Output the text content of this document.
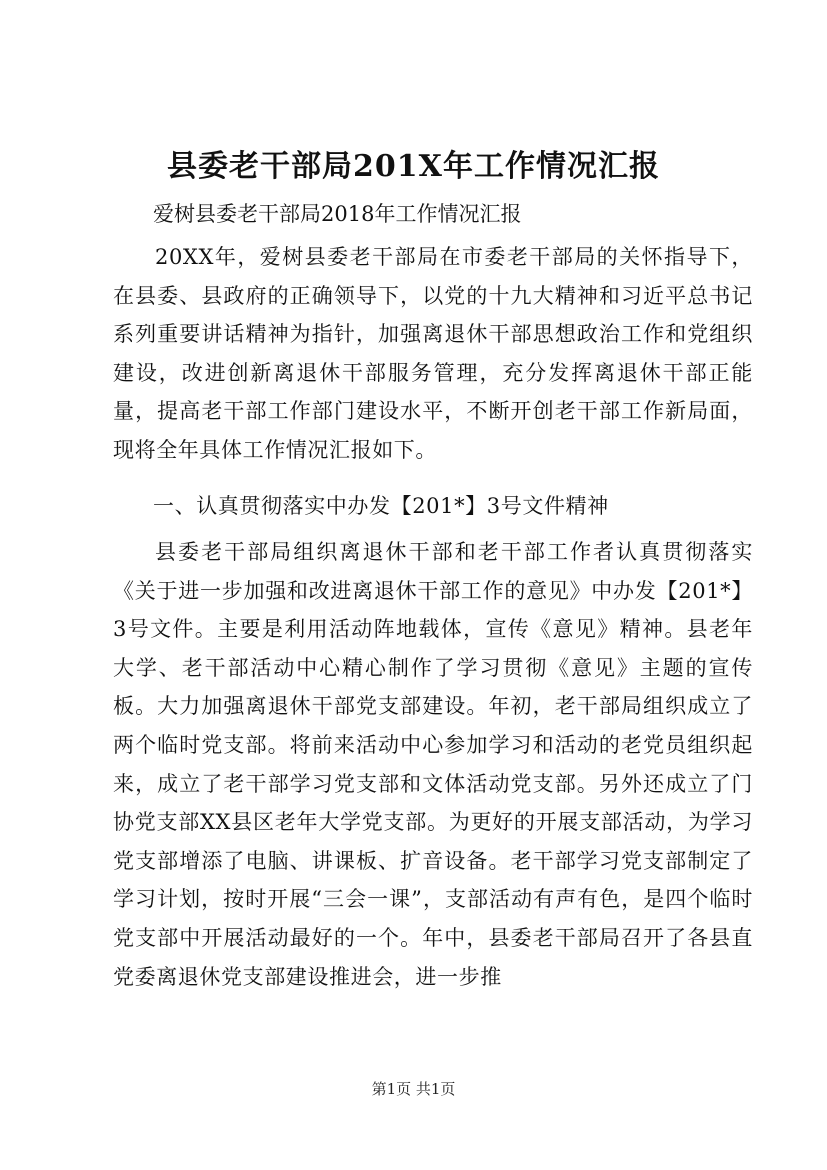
县委老干部局201X年工作情况汇报
爱树县委老干部局2018年工作情况汇报
20XX年，爱树县委老干部局在市委老干部局的关怀指导下，在县委、县政府的正确领导下，以党的十九大精神和习近平总书记系列重要讲话精神为指针，加强离退休干部思想政治工作和党组织建设，改进创新离退休干部服务管理，充分发挥离退休干部正能量，提高老干部工作部门建设水平，不断开创老干部工作新局面，现将全年具体工作情况汇报如下。
一、认真贯彻落实中办发【201*】3号文件精神
县委老干部局组织离退休干部和老干部工作者认真贯彻落实《关于进一步加强和改进离退休干部工作的意见》中办发【201*】3号文件。主要是利用活动阵地载体，宣传《意见》精神。县老年大学、老干部活动中心精心制作了学习贯彻《意见》主题的宣传板。大力加强离退休干部党支部建设。年初，老干部局组织成立了两个临时党支部。将前来活动中心参加学习和活动的老党员组织起来，成立了老干部学习党支部和文体活动党支部。另外还成立了门协党支部XX县区老年大学党支部。为更好的开展支部活动，为学习党支部增添了电脑、讲课板、扩音设备。老干部学习党支部制定了学习计划，按时开展“三会一课”，支部活动有声有色，是四个临时党支部中开展活动最好的一个。年中，县委老干部局召开了各县直党委离退休党支部建设推进会，进一步推
第1页 共1页
